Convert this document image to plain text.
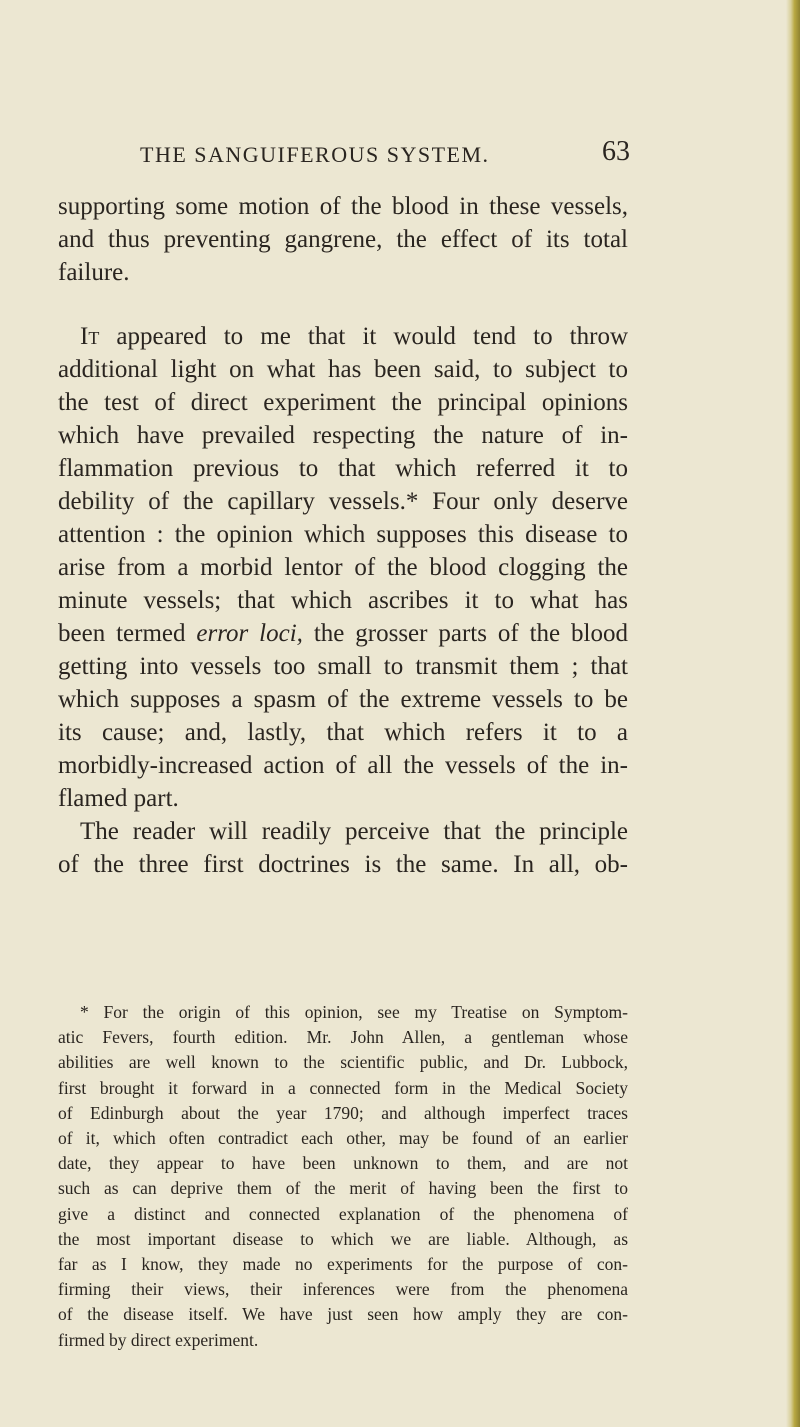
THE SANGUIFEROUS SYSTEM.	63

supporting some motion of the blood in these vessels,

and thus preventing gangrene, the effect of its total

failure.

It appeared to me that it would tend to throw

additional light on what has been said, to subject to

the test of direct experiment the principal opinions

which have prevailed respecting the nature of in-

flammation previous to that which referred it to

debility of the capillary vessels.* Four only deserve

attention : the opinion which supposes this disease to

arise from a morbid lentor of the blood clogging the

minute vessels; that which ascribes it to what has

been termed error loci, the grosser parts of the blood

getting into vessels too small to transmit them ; that

which supposes a spasm of the extreme vessels to be

its cause; and, lastly, that which refers it to a

morbidly-increased action of all the vessels of the in-

flamed part.

The reader will readily perceive that the principle

of the three first doctrines is the same. In all, ob-

* For the origin of this opinion, see my Treatise on Symptom-

atic Fevers, fourth edition. Mr. John Allen, a gentleman whose

abilities are well known to the scientific public, and Dr. Lubbock,

first brought it forward in a connected form in the Medical Society

of Edinburgh about the year 1790; and although imperfect traces

of it, which often contradict each other, may be found of an earlier

date, they appear to have been unknown to them, and are not

such as can deprive them of the merit of having been the first to

give a distinct and connected explanation of the phenomena of

the most important disease to which we are liable. Although, as

far as I know, they made no experiments for the purpose of con-

firming their views, their inferences were from the phenomena

of the disease itself. We have just seen how amply they are con-

firmed by direct experiment.
